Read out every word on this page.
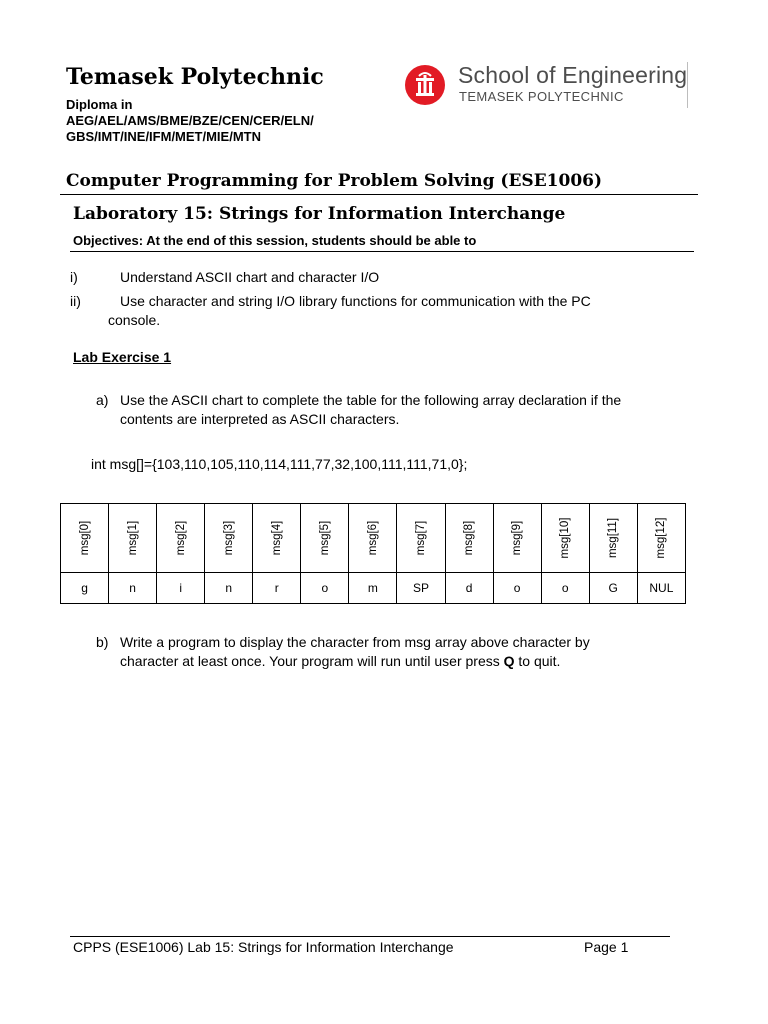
Temasek Polytechnic
Diploma in
AEG/AEL/AMS/BME/BZE/CEN/CER/ELN/
GBS/IMT/INE/IFM/MET/MIE/MTN
School of Engineering
TEMASEK POLYTECHNIC
Computer Programming for Problem Solving (ESE1006)
Laboratory 15: Strings for Information Interchange
Objectives: At the end of this session, students should be able to
i)	Understand ASCII chart and character I/O
ii)	Use character and string I/O library functions for communication with the PC
console.
Lab Exercise 1
a) Use the ASCII chart to complete the table for the following array declaration if the
contents are interpreted as ASCII characters.
int msg[]={103,110,105,110,114,111,77,32,100,111,111,71,0};
msg[0]	msg[1]	msg[2]	msg[3]	msg[4]	msg[5]	msg[6]	msg[7]	msg[8]	msg[9]	msg[10]	msg[11]	msg[12]

g	n	i	n	r	o	m	SP	d	o	o	G	NUL
b) Write a program to display the character from msg array above character by
character at least once. Your program will run until user press Q to quit.
CPPS (ESE1006) Lab 15: Strings for Information Interchange	Page 1
